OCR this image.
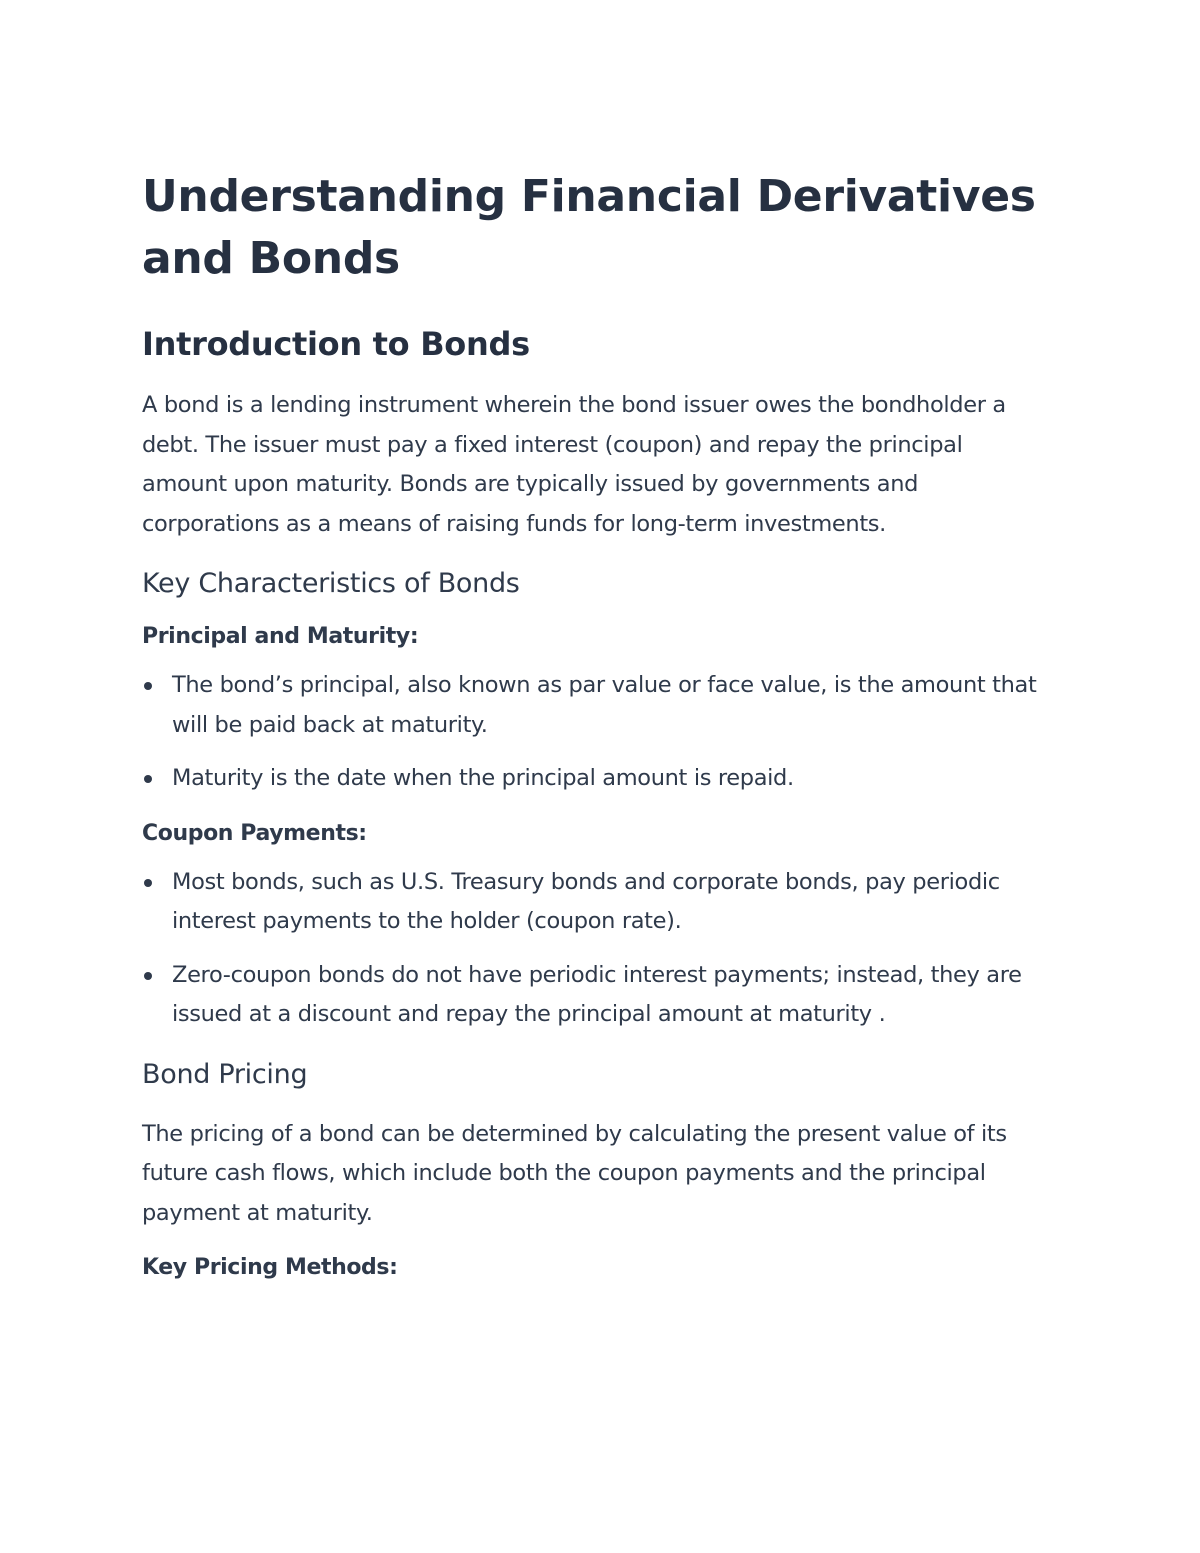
Understanding Financial Derivatives and Bonds
Introduction to Bonds

A bond is a lending instrument wherein the bond issuer owes the bondholder a debt. The issuer must pay a fixed interest (coupon) and repay the principal amount upon maturity. Bonds are typically issued by governments and corporations as a means of raising funds for long-term investments.

Key Characteristics of Bonds

Principal and Maturity:

The bond’s principal, also known as par value or face value, is the amount that will be paid back at maturity.
Maturity is the date when the principal amount is repaid.

Coupon Payments:

Most bonds, such as U.S. Treasury bonds and corporate bonds, pay periodic interest payments to the holder (coupon rate).
Zero-coupon bonds do not have periodic interest payments; instead, they are issued at a discount and repay the principal amount at maturity .
Bond Pricing

The pricing of a bond can be determined by calculating the present value of its future cash flows, which include both the coupon payments and the principal payment at maturity.

Key Pricing Methods:
